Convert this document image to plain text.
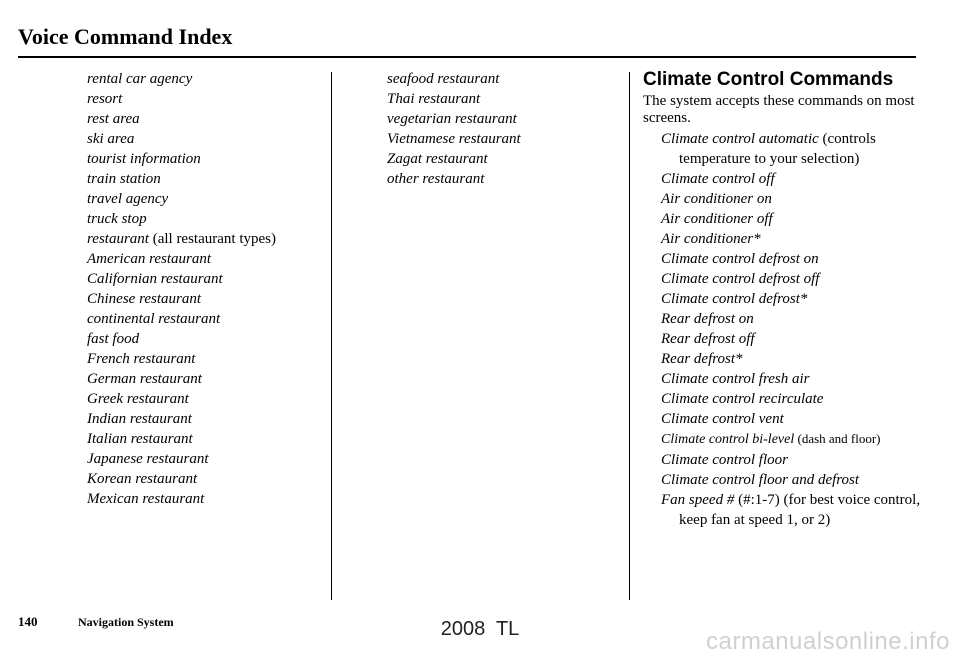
Voice Command Index
rental car agency
resort
rest area
ski area
tourist information
train station
travel agency
truck stop
restaurant (all restaurant types)
American restaurant
Californian restaurant
Chinese restaurant
continental restaurant
fast food
French restaurant
German restaurant
Greek restaurant
Indian restaurant
Italian restaurant
Japanese restaurant
Korean restaurant
Mexican restaurant
seafood restaurant
Thai restaurant
vegetarian restaurant
Vietnamese restaurant
Zagat restaurant
other restaurant
Climate Control Commands
The system accepts these commands on most screens.
Climate control automatic (controls temperature to your selection)
Climate control off
Air conditioner on
Air conditioner off
Air conditioner*
Climate control defrost on
Climate control defrost off
Climate control defrost*
Rear defrost on
Rear defrost off
Rear defrost*
Climate control fresh air
Climate control recirculate
Climate control vent
Climate control bi-level (dash and floor)
Climate control floor
Climate control floor and defrost
Fan speed # (#:1-7) (for best voice control, keep fan at speed 1, or 2)
140	Navigation System	2008  TL	carmanualsonline.info
